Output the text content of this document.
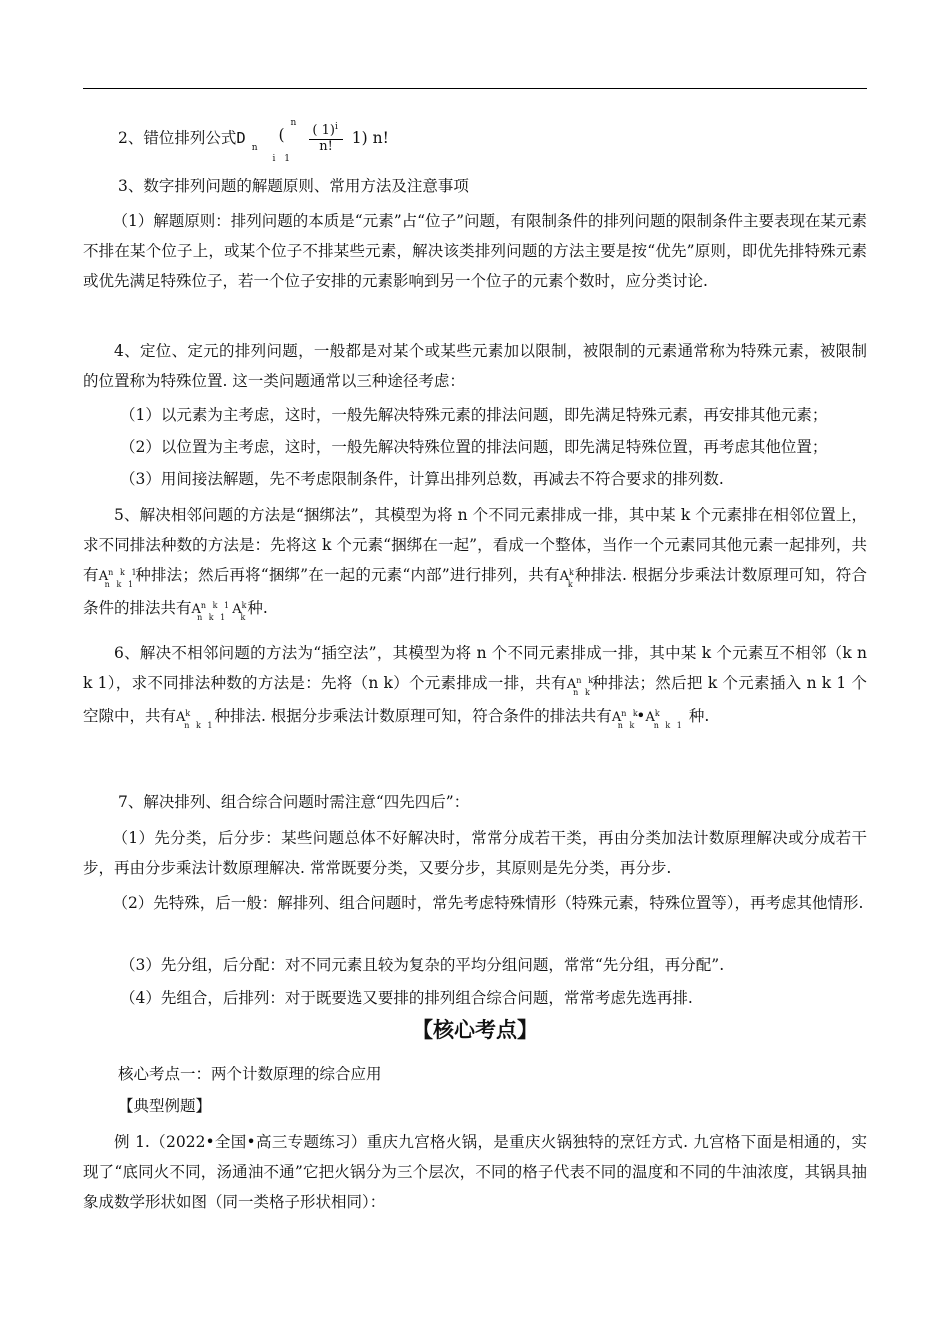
2、错位排列公式$D_n$
(
n
i 1

$\frac{( 1)^i}{n!} 1$) n!
3、数字排列问题的解题原则、常用方法及注意事项
（1）解题原则：排列问题的本质是“元素”占“位子”问题，有限制条件的排列问题的限制条件主要表现在某元素不排在某个位子上，或某个位子不排某些元素，解决该类排列问题的方法主要是按“优先”原则，即优先排特殊元素或优先满足特殊位子，若一个位子安排的元素影响到另一个位子的元素个数时，应分类讨论.
4、定位、定元的排列问题，一般都是对某个或某些元素加以限制，被限制的元素通常称为特殊元素，被限制的位置称为特殊位置. 这一类问题通常以三种途径考虑：
（1）以元素为主考虑，这时，一般先解决特殊元素的排法问题，即先满足特殊元素，再安排其他元素；
（2）以位置为主考虑，这时，一般先解决特殊位置的排法问题，即先满足特殊位置，再考虑其他位置；
（3）用间接法解题，先不考虑限制条件，计算出排列总数，再减去不符合要求的排列数.
5、解决相邻问题的方法是“捆绑法”，其模型为将 n 个不同元素排成一排，其中某 k 个元素排在相邻位置上，求不同排法种数的方法是：先将这 k 个元素“捆绑在一起”，看成一个整体，当作一个元素同其他元素一起排列，共有$A^{n k 1}_{n k 1}$种排法；然后再将“捆绑”在一起的元素“内部”进行排列，共有$A^k_k$种排法. 根据分步乘法计数原理可知，符合条件的排法共有$A^{n k 1}_{n k 1}$ $A^k_k$种.
6、解决不相邻问题的方法为“插空法”，其模型为将 n 个不同元素排成一排，其中某 k 个元素互不相邻（k n k 1），求不同排法种数的方法是：先将（n k）个元素排成一排，共有$A^{n k}_{n k}$种排法；然后把 k 个元素插入 n k 1 个空隙中，共有$A^k_{n k 1}$种排法. 根据分步乘法计数原理可知，符合条件的排法共有$A^{n k}_{n k}•A^k_{n k 1}$ 种.
7、解决排列、组合综合问题时需注意“四先四后”：
（1）先分类，后分步：某些问题总体不好解决时，常常分成若干类，再由分类加法计数原理解决或分成若干步，再由分步乘法计数原理解决. 常常既要分类，又要分步，其原则是先分类，再分步.
（2）先特殊，后一般：解排列、组合问题时，常先考虑特殊情形（特殊元素，特殊位置等），再考虑其他情形.
（3）先分组，后分配：对不同元素且较为复杂的平均分组问题，常常“先分组，再分配”.
（4）先组合，后排列：对于既要选又要排的排列组合综合问题，常常考虑先选再排.
【核心考点】
核心考点一：两个计数原理的综合应用
【典型例题】
例 1.（2022•全国•高三专题练习）重庆九宫格火锅，是重庆火锅独特的烹饪方式. 九宫格下面是相通的，实现了“底同火不同，汤通油不通”它把火锅分为三个层次，不同的格子代表不同的温度和不同的牛油浓度，其锅具抽象成数学形状如图（同一类格子形状相同）：
